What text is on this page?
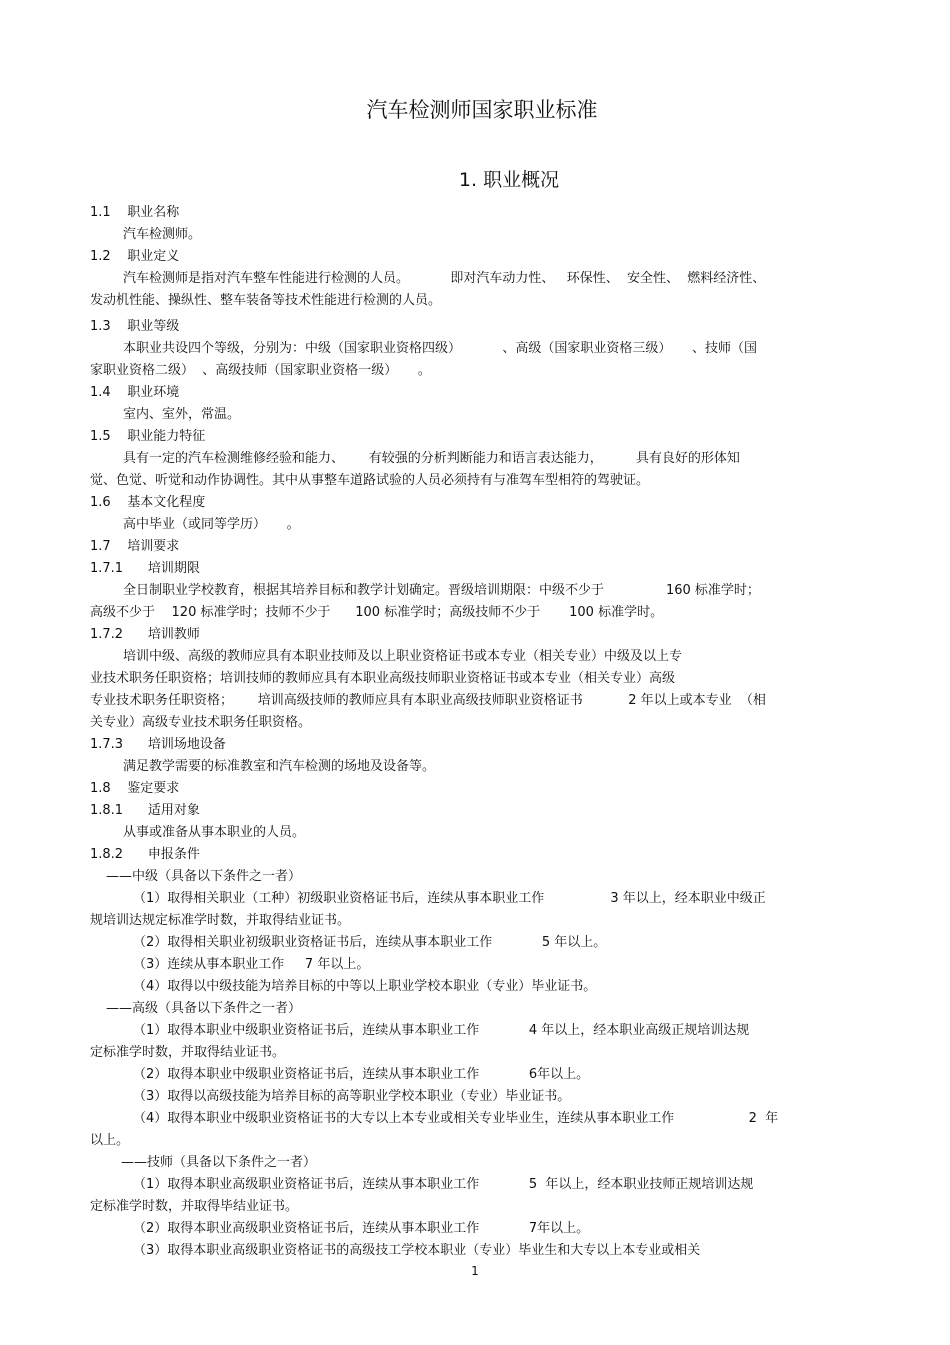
汽车检测师国家职业标准
1. 职业概况
1.1    职业名称
汽车检测师。
1.2    职业定义
汽车检测师是指对汽车整车性能进行检测的人员。          即对汽车动力性、   环保性、  安全性、  燃料经济性、
发动机性能、操纵性、整车装备等技术性能进行检测的人员。
1.3    职业等级
本职业共设四个等级，分别为：中级（国家职业资格四级）          、高级（国家职业资格三级）     、技师（国
家职业资格二级）  、高级技师（国家职业资格一级）     。
1.4    职业环境
室内、室外，常温。
1.5    职业能力特征
具有一定的汽车检测维修经验和能力、      有较强的分析判断能力和语言表达能力，        具有良好的形体知
觉、色觉、听觉和动作协调性。其中从事整车道路试验的人员必须持有与准驾车型相符的驾驶证。
1.6    基本文化程度
高中毕业（或同等学历）     。
1.7    培训要求
1.7.1      培训期限
全日制职业学校教育，根据其培养目标和教学计划确定。晋级培训期限：中级不少于               160 标准学时；
高级不少于    120 标准学时；技师不少于      100 标准学时；高级技师不少于       100 标准学时。
1.7.2      培训教师
培训中级、高级的教师应具有本职业技师及以上职业资格证书或本专业（相关专业）中级及以上专
业技术职务任职资格；培训技师的教师应具有本职业高级技师职业资格证书或本专业（相关专业）高级
专业技术职务任职资格；      培训高级技师的教师应具有本职业高级技师职业资格证书           2 年以上或本专业  （相
关专业）高级专业技术职务任职资格。
1.7.3      培训场地设备
满足教学需要的标准教室和汽车检测的场地及设备等。
1.8    鉴定要求
1.8.1      适用对象
从事或准备从事本职业的人员。
1.8.2      申报条件
——中级（具备以下条件之一者）
（1）取得相关职业（工种）初级职业资格证书后，连续从事本职业工作                3 年以上，经本职业中级正
规培训达规定标准学时数，并取得结业证书。
（2）取得相关职业初级职业资格证书后，连续从事本职业工作            5 年以上。
（3）连续从事本职业工作     7 年以上。
（4）取得以中级技能为培养目标的中等以上职业学校本职业（专业）毕业证书。
——高级（具备以下条件之一者）
（1）取得本职业中级职业资格证书后，连续从事本职业工作            4 年以上，经本职业高级正规培训达规
定标准学时数，并取得结业证书。
（2）取得本职业中级职业资格证书后，连续从事本职业工作            6年以上。
（3）取得以高级技能为培养目标的高等职业学校本职业（专业）毕业证书。
（4）取得本职业中级职业资格证书的大专以上本专业或相关专业毕业生，连续从事本职业工作                  2  年
以上。
——技师（具备以下条件之一者）
（1）取得本职业高级职业资格证书后，连续从事本职业工作            5  年以上，经本职业技师正规培训达规
定标准学时数，并取得毕结业证书。
（2）取得本职业高级职业资格证书后，连续从事本职业工作            7年以上。
（3）取得本职业高级职业资格证书的高级技工学校本职业（专业）毕业生和大专以上本专业或相关
1
